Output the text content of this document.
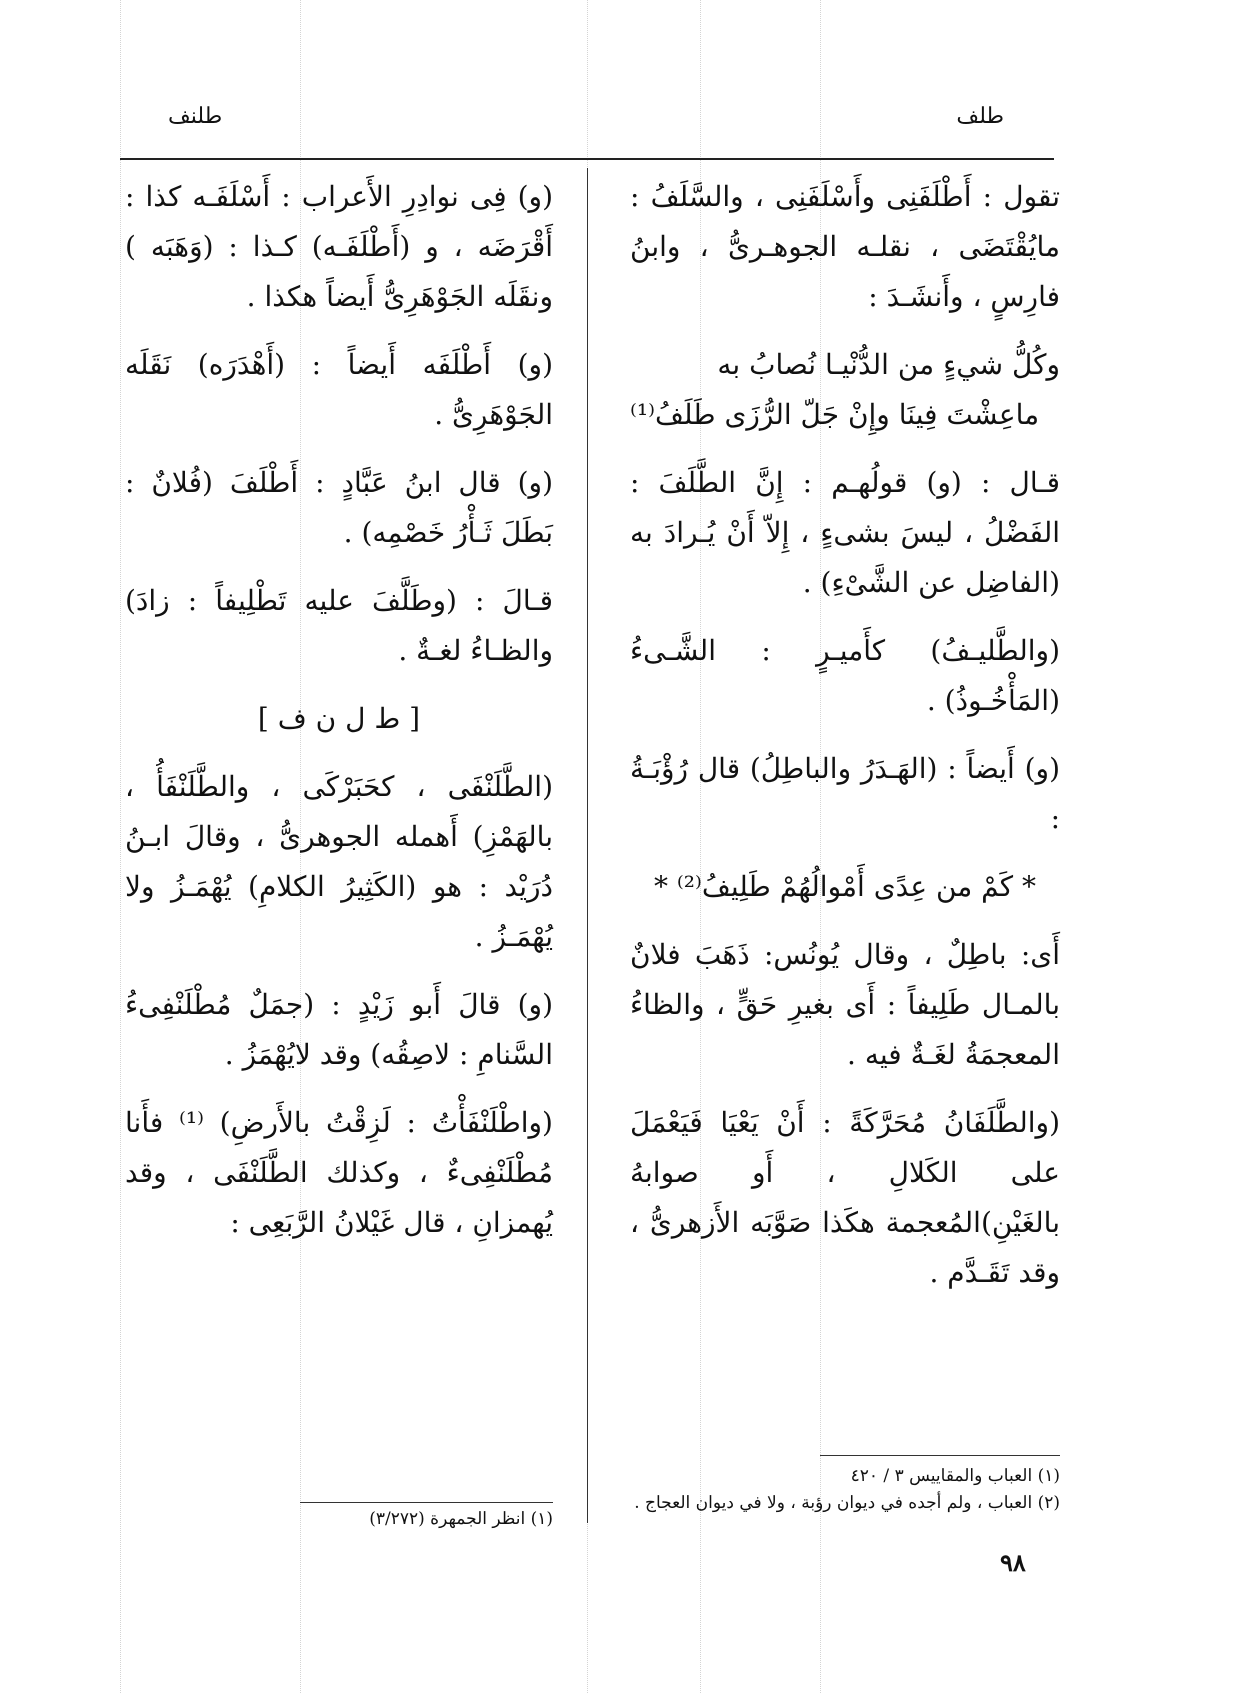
طلف
طلنف

تقول : أَطْلَفَنِى وأَسْلَفَنِى ، والسَّلَفُ : مايُقْتَضَى ، نقلـه الجوهـرىُّ ، وابنُ فارِسٍ ، وأَنشَـدَ :

وكُلُّ شيءٍ من الدُّنْيـا نُصابُ به
ماعِشْتَ فِينَا وإِنْ جَلّ الرُّزَى طَلَفُ⁽¹⁾

قـال : (و) قولُهـم : إِنَّ الطَّلَفَ : الفَضْلُ ، ليسَ بشىءٍ ، إِلاّ أَنْ يُـرادَ به (الفاضِل عن الشَّىْءِ) .

(والطَّليـفُ) كأَميـرٍ : الشَّـىءُ (المَأْخُـوذُ) .

(و) أَيضاً : (الهَـدَرُ والباطِلُ) قال رُؤْبَـةُ :

* كَمْ من عِدًى أَمْوالُهُمْ طَلِيفُ⁽²⁾ *

أَى: باطِلٌ ، وقال يُونُس: ذَهَبَ فلانٌ بالمـال طَلِيفاً : أَى بغيرِ حَقٍّ ، والظاءُ المعجمَةُ لغَـةٌ فيه .

(والطَّلَفَانُ مُحَرَّكَةً : أَنْ يَعْيَا فَيَعْمَلَ على الكَلالِ ، أَو صوابهُ بالغَيْنِ)المُعجمة هكَذا صَوَّبَه الأَزهرىُّ ، وقد تَقَـدَّم .

(و) فِى نوادِرِ الأَعراب : أَسْلَفَـه كذا : أَقْرَضَه ، و (أَطْلَفَـه) كـذا : (وَهَبَه ) ونقَلَه الجَوْهَرِىُّ أَيضاً هكذا .

(و) أَطْلَفَه أَيضاً : (أَهْدَرَه) نَقَلَه الجَوْهَرِىُّ .

(و) قال ابنُ عَبَّادٍ : أَطْلَفَ (فُلانٌ : بَطَلَ ثَـأْرُ خَصْمِه) .

قـالَ : (وطَلَّفَ عليه تَطْلِيفاً : زادَ) والظـاءُ لغـةٌ .

[ ط ل ن ف ]

(الطَّلَنْفَى ، كحَبَرْكَى ، والطَّلَنْفَأُ ، بالهَمْزِ) أَهمله الجوهرىُّ ، وقالَ ابـنُ دُرَيْد : هو (الكَثِيرُ الكلامِ) يُهْمَـزُ ولا يُهْمَـزُ .

(و) قالَ أَبو زَيْدٍ : (جمَلٌ مُطْلَنْفِىءُ السَّنامِ : لاصِقُه) وقد لايُهْمَزُ .

(واطْلَنْفَأْتُ : لَزِقْتُ بالأَرضِ) ⁽¹⁾ فأَنا مُطْلَنْفِىءٌ ، وكذلك الطَّلَنْفَى ، وقد يُهمزانِ ، قال غَيْلانُ الرَّبَعِى :

(١) العباب والمقاييس ٣ / ٤٢٠
(٢) العباب ، ولم أجده في ديوان رؤبة ، ولا في ديوان العجاج .
(١) انظر الجمهرة (٣/٢٧٢)
٩٨
